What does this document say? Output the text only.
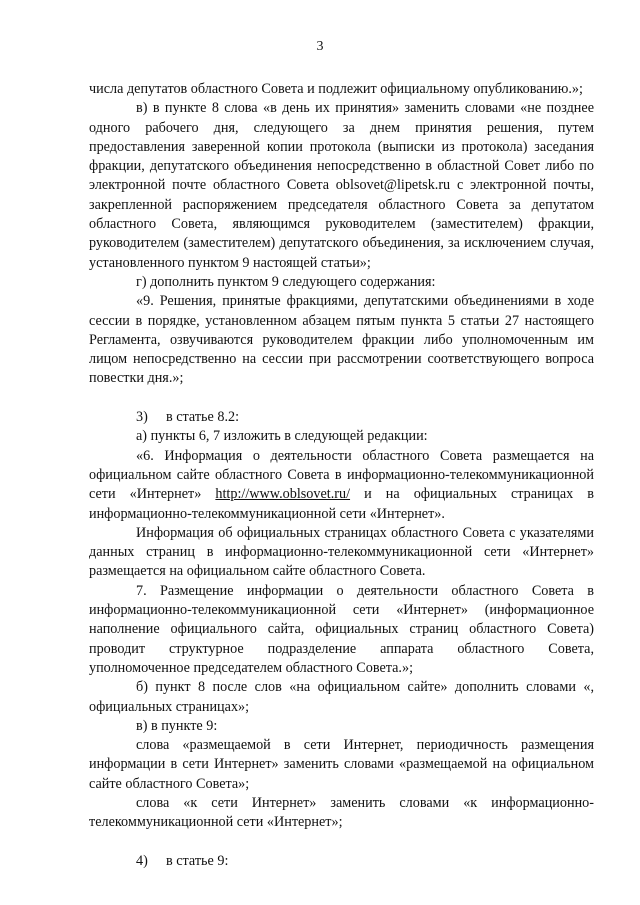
3

числа депутатов областного Совета и подлежит официальному опубликованию.»;

в) в пункте 8 слова «в день их принятия» заменить словами «не позднее одного рабочего дня, следующего за днем принятия решения, путем предоставления заверенной копии протокола (выписки из протокола) заседания фракции, депутатского объединения непосредственно в областной Совет либо по электронной почте областного Совета oblsovet@lipetsk.ru с электронной почты, закрепленной распоряжением председателя областного Совета за депутатом областного Совета, являющимся руководителем (заместителем) фракции, руководителем (заместителем) депутатского объединения, за исключением случая, установленного пунктом 9 настоящей статьи»;

г) дополнить пунктом 9 следующего содержания:

«9. Решения, принятые фракциями, депутатскими объединениями в ходе сессии в порядке, установленном абзацем пятым пункта 5 статьи 27 настоящего Регламента, озвучиваются руководителем фракции либо уполномоченным им лицом непосредственно на сессии при рассмотрении соответствующего вопроса повестки дня.»;

3) в статье 8.2:

а) пункты 6, 7 изложить в следующей редакции:

«6. Информация о деятельности областного Совета размещается на официальном сайте областного Совета в информационно-телекоммуникационной сети «Интернет» http://www.oblsovet.ru/ и на официальных страницах в информационно-телекоммуникационной сети «Интернет».

Информация об официальных страницах областного Совета с указателями данных страниц в информационно-телекоммуникационной сети «Интернет» размещается на официальном сайте областного Совета.

7. Размещение информации о деятельности областного Совета в информационно-телекоммуникационной сети «Интернет» (информационное наполнение официального сайта, официальных страниц областного Совета) проводит структурное подразделение аппарата областного Совета, уполномоченное председателем областного Совета.»;

б) пункт 8 после слов «на официальном сайте» дополнить словами «, официальных страницах»;

в) в пункте 9:

слова «размещаемой в сети Интернет, периодичность размещения информации в сети Интернет» заменить словами «размещаемой на официальном сайте областного Совета»;

слова «к сети Интернет» заменить словами «к информационно-телекоммуникационной сети «Интернет»;

4) в статье 9:
